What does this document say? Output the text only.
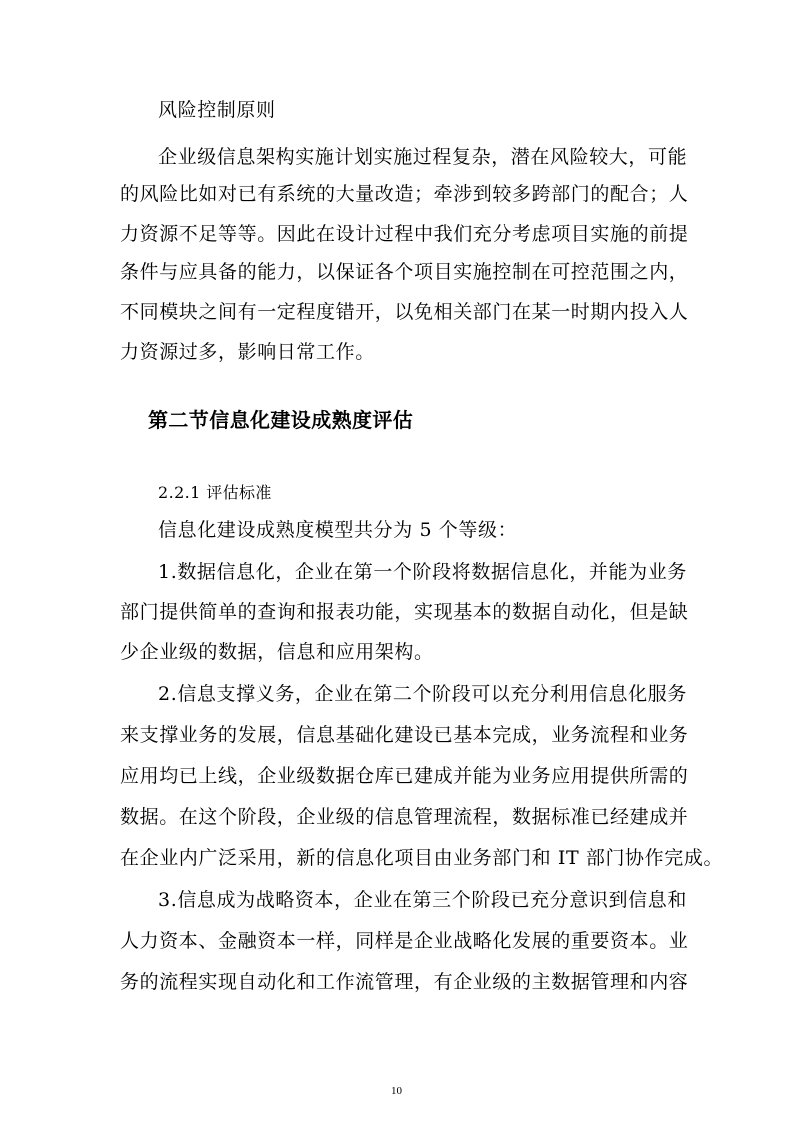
风险控制原则
企业级信息架构实施计划实施过程复杂，潜在风险较大，可能
的风险比如对已有系统的大量改造；牵涉到较多跨部门的配合；人
力资源不足等等。因此在设计过程中我们充分考虑项目实施的前提
条件与应具备的能力，以保证各个项目实施控制在可控范围之内，
不同模块之间有一定程度错开，以免相关部门在某一时期内投入人
力资源过多，影响日常工作。
第二节信息化建设成熟度评估
2.2.1 评估标准
信息化建设成熟度模型共分为 5 个等级：
1.数据信息化，企业在第一个阶段将数据信息化，并能为业务
部门提供简单的查询和报表功能，实现基本的数据自动化，但是缺
少企业级的数据，信息和应用架构。
2.信息支撑义务，企业在第二个阶段可以充分利用信息化服务
来支撑业务的发展，信息基础化建设已基本完成，业务流程和业务
应用均已上线，企业级数据仓库已建成并能为业务应用提供所需的
数据。在这个阶段，企业级的信息管理流程，数据标准已经建成并
在企业内广泛采用，新的信息化项目由业务部门和 IT 部门协作完成。
3.信息成为战略资本，企业在第三个阶段已充分意识到信息和
人力资本、金融资本一样，同样是企业战略化发展的重要资本。业
务的流程实现自动化和工作流管理，有企业级的主数据管理和内容
10
